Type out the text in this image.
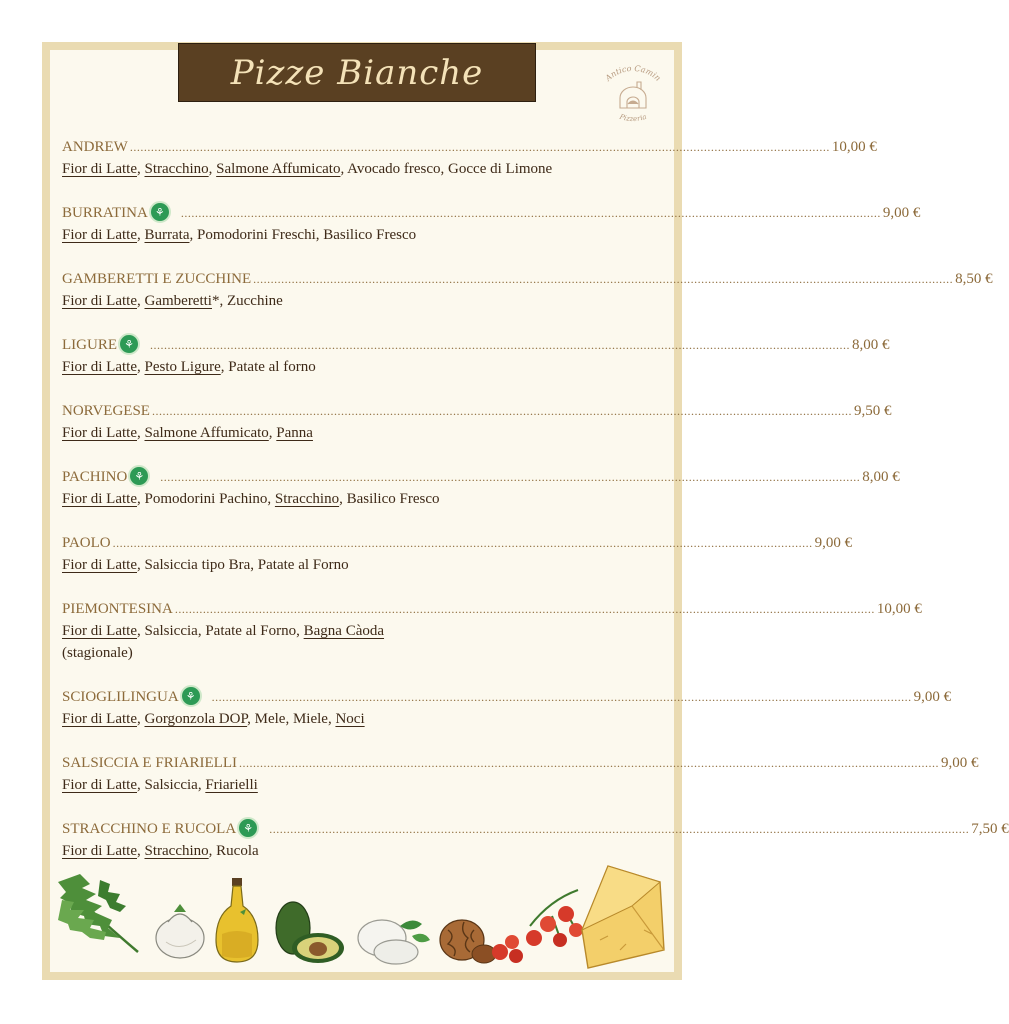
Pizze Bianche	Antico Camin
Pizzeria
ANDREW ........................................................................................................................................................................................................ 10,00 €
Fior di Latte, Stracchino, Salmone Affumicato, Avocado fresco, Gocce di Limone
BURRATINA ⚘	........................................................................................................................................................................................................ 9,00 €
Fior di Latte, Burrata, Pomodorini Freschi, Basilico Fresco
GAMBERETTI E ZUCCHINE ........................................................................................................................................................................................................ 8,50 €
Fior di Latte, Gamberetti*, Zucchine
LIGURE ⚘	........................................................................................................................................................................................................ 8,00 €
Fior di Latte, Pesto Ligure, Patate al forno
NORVEGESE ........................................................................................................................................................................................................ 9,50 €
Fior di Latte, Salmone Affumicato, Panna
PACHINO ⚘	........................................................................................................................................................................................................ 8,00 €
Fior di Latte, Pomodorini Pachino, Stracchino, Basilico Fresco
PAOLO ........................................................................................................................................................................................................ 9,00 €
Fior di Latte, Salsiccia tipo Bra, Patate al Forno
PIEMONTESINA ........................................................................................................................................................................................................ 10,00 €
Fior di Latte, Salsiccia, Patate al Forno, Bagna Càoda
(stagionale)
SCIOGLILINGUA ⚘	........................................................................................................................................................................................................ 9,00 €
Fior di Latte, Gorgonzola DOP, Mele, Miele, Noci
SALSICCIA E FRIARIELLI ........................................................................................................................................................................................................ 9,00 €
Fior di Latte, Salsiccia, Friarielli
STRACCHINO E RUCOLA ⚘	........................................................................................................................................................................................................ 7,50 €
Fior di Latte, Stracchino, Rucola
